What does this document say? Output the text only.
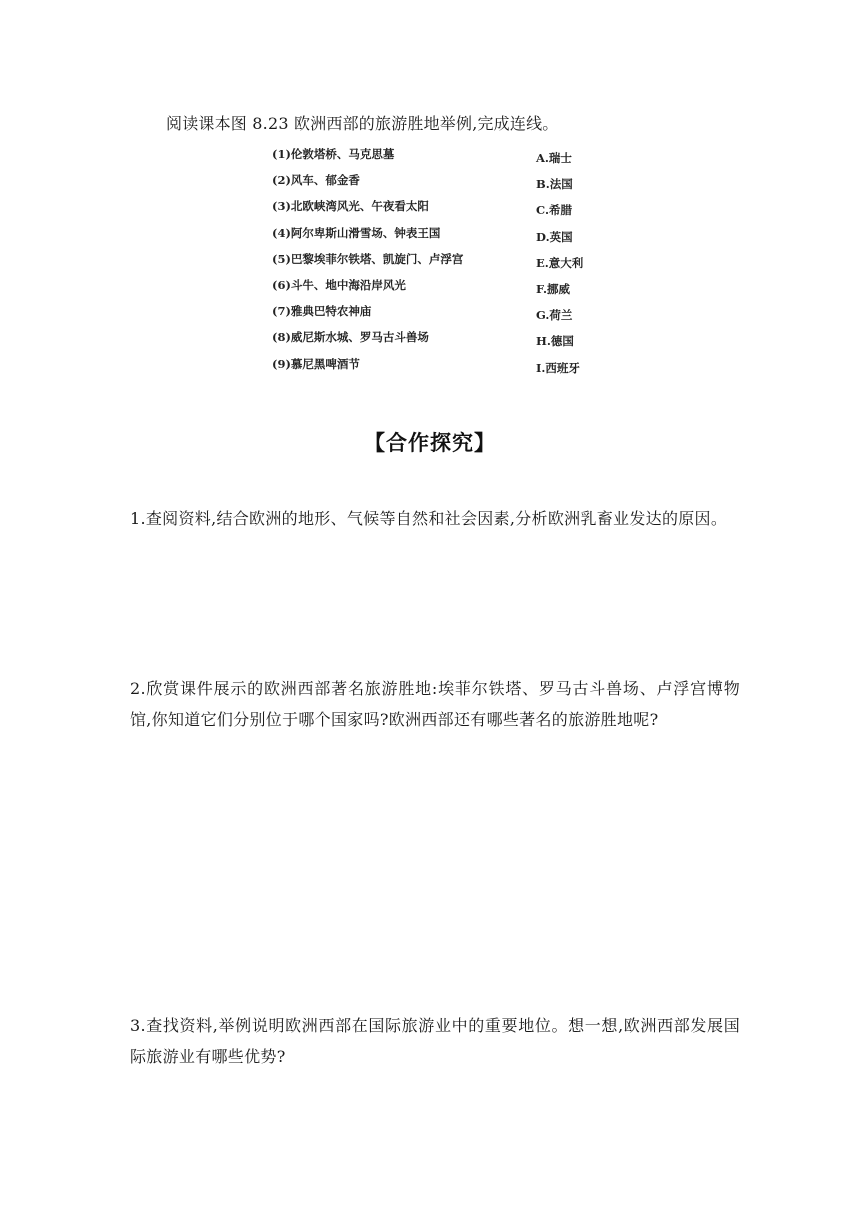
阅读课本图 8.23 欧洲西部的旅游胜地举例,完成连线。
(1)伦敦塔桥、马克思墓	A.瑞士
(2)风车、郁金香	B.法国
(3)北欧峡湾风光、午夜看太阳	C.希腊
(4)阿尔卑斯山滑雪场、钟表王国	D.英国
(5)巴黎埃菲尔铁塔、凯旋门、卢浮宫	E.意大利
(6)斗牛、地中海沿岸风光	F.挪威
(7)雅典巴特农神庙	G.荷兰
(8)威尼斯水城、罗马古斗兽场	H.德国
(9)慕尼黑啤酒节	I.西班牙
【合作探究】
1.查阅资料,结合欧洲的地形、气候等自然和社会因素,分析欧洲乳畜业发达的原因。
2.欣赏课件展示的欧洲西部著名旅游胜地:埃菲尔铁塔、罗马古斗兽场、卢浮宫博物馆,你知道它们分别位于哪个国家吗?欧洲西部还有哪些著名的旅游胜地呢?
3.查找资料,举例说明欧洲西部在国际旅游业中的重要地位。想一想,欧洲西部发展国际旅游业有哪些优势?
